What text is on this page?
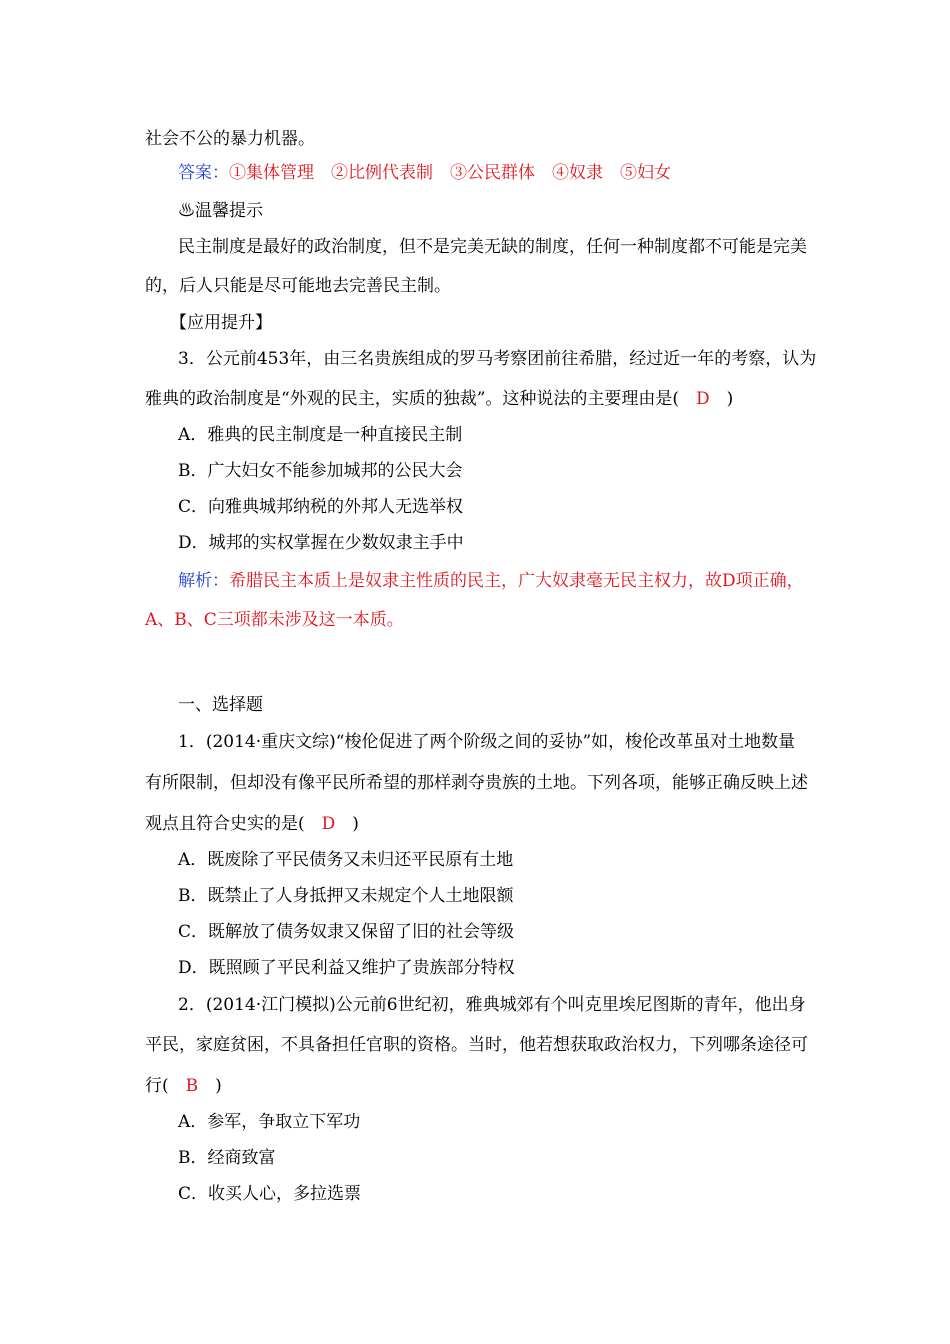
社会不公的暴力机器。
答案：①集体管理　②比例代表制　③公民群体　④奴隶　⑤妇女
♨温馨提示
民主制度是最好的政治制度，但不是完美无缺的制度，任何一种制度都不可能是完美
的，后人只能是尽可能地去完善民主制。
【应用提升】
3．公元前453年，由三名贵族组成的罗马考察团前往希腊，经过近一年的考察，认为
雅典的政治制度是“外观的民主，实质的独裁”。这种说法的主要理由是(　D　)
A．雅典的民主制度是一种直接民主制
B．广大妇女不能参加城邦的公民大会
C．向雅典城邦纳税的外邦人无选举权
D．城邦的实权掌握在少数奴隶主手中
解析：希腊民主本质上是奴隶主性质的民主，广大奴隶毫无民主权力，故D项正确，
A、B、C三项都未涉及这一本质。
一、选择题
1．(2014·重庆文综)“梭伦促进了两个阶级之间的妥协”如，梭伦改革虽对土地数量
有所限制，但却没有像平民所希望的那样剥夺贵族的土地。下列各项，能够正确反映上述
观点且符合史实的是(　D　)
A．既废除了平民债务又未归还平民原有土地
B．既禁止了人身抵押又未规定个人土地限额
C．既解放了债务奴隶又保留了旧的社会等级
D．既照顾了平民利益又维护了贵族部分特权
2．(2014·江门模拟)公元前6世纪初，雅典城郊有个叫克里埃尼图斯的青年，他出身
平民，家庭贫困，不具备担任官职的资格。当时，他若想获取政治权力，下列哪条途径可
行(　B　)
A．参军，争取立下军功
B．经商致富
C．收买人心，多拉选票
